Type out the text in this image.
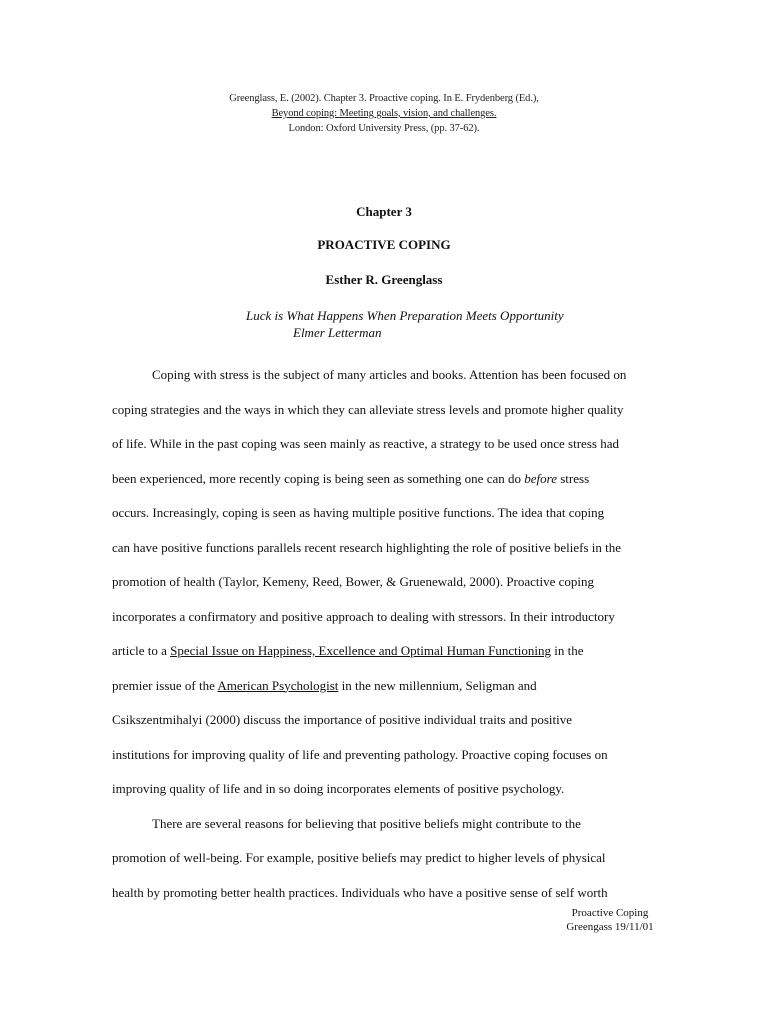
Greenglass, E. (2002). Chapter 3. Proactive coping. In E. Frydenberg (Ed.),
Beyond coping: Meeting goals, vision, and challenges.
London: Oxford University Press, (pp. 37-62).
Chapter 3
PROACTIVE COPING
Esther R. Greenglass
Luck is What Happens When Preparation Meets Opportunity
Elmer Letterman
Coping with stress is the subject of many articles and books. Attention has been focused on
coping strategies and the ways in which they can alleviate stress levels and promote higher quality
of life. While in the past coping was seen mainly as reactive, a strategy to be used once stress had
been experienced, more recently coping is being seen as something one can do before stress
occurs. Increasingly, coping is seen as having multiple positive functions. The idea that coping
can have positive functions parallels recent research highlighting the role of positive beliefs in the
promotion of health (Taylor, Kemeny, Reed, Bower, & Gruenewald, 2000). Proactive coping
incorporates a confirmatory and positive approach to dealing with stressors. In their introductory
article to a Special Issue on Happiness, Excellence and Optimal Human Functioning in the
premier issue of the American Psychologist in the new millennium, Seligman and
Csikszentmihalyi (2000) discuss the importance of positive individual traits and positive
institutions for improving quality of life and preventing pathology. Proactive coping focuses on
improving quality of life and in so doing incorporates elements of positive psychology.
There are several reasons for believing that positive beliefs might contribute to the
promotion of well-being. For example, positive beliefs may predict to higher levels of physical
health by promoting better health practices. Individuals who have a positive sense of self worth
Proactive Coping
Greengass 19/11/01
